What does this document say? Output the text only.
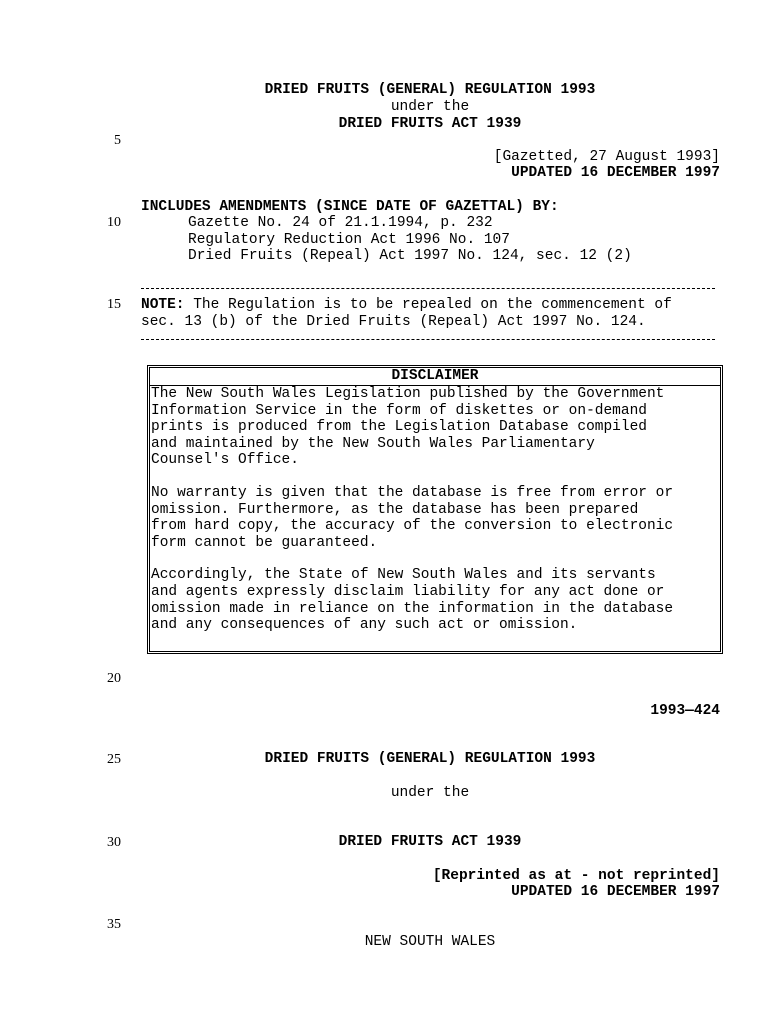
5
10
15
20
25
30
35
DRIED FRUITS (GENERAL) REGULATION 1993
under the
DRIED FRUITS ACT 1939
[Gazetted, 27 August 1993]
UPDATED 16 DECEMBER 1997
INCLUDES AMENDMENTS (SINCE DATE OF GAZETTAL) BY:
Gazette No. 24 of 21.1.1994, p. 232
Regulatory Reduction Act 1996 No. 107
Dried Fruits (Repeal) Act 1997 No. 124, sec. 12 (2)
NOTE: The Regulation is to be repealed on the commencement of
sec. 13 (b) of the Dried Fruits (Repeal) Act 1997 No. 124.
DISCLAIMER

The New South Wales Legislation published by the Government
Information Service in the form of diskettes or on-demand
prints is produced from the Legislation Database compiled
and maintained by the New South Wales Parliamentary
Counsel's Office.

No warranty is given that the database is free from error or
omission. Furthermore, as the database has been prepared
from hard copy, the accuracy of the conversion to electronic
form cannot be guaranteed.

Accordingly, the State of New South Wales and its servants
and agents expressly disclaim liability for any act done or
omission made in reliance on the information in the database
and any consequences of any such act or omission.

1993—424
DRIED FRUITS (GENERAL) REGULATION 1993
under the
DRIED FRUITS ACT 1939
[Reprinted as at - not reprinted]
UPDATED 16 DECEMBER 1997
NEW SOUTH WALES
